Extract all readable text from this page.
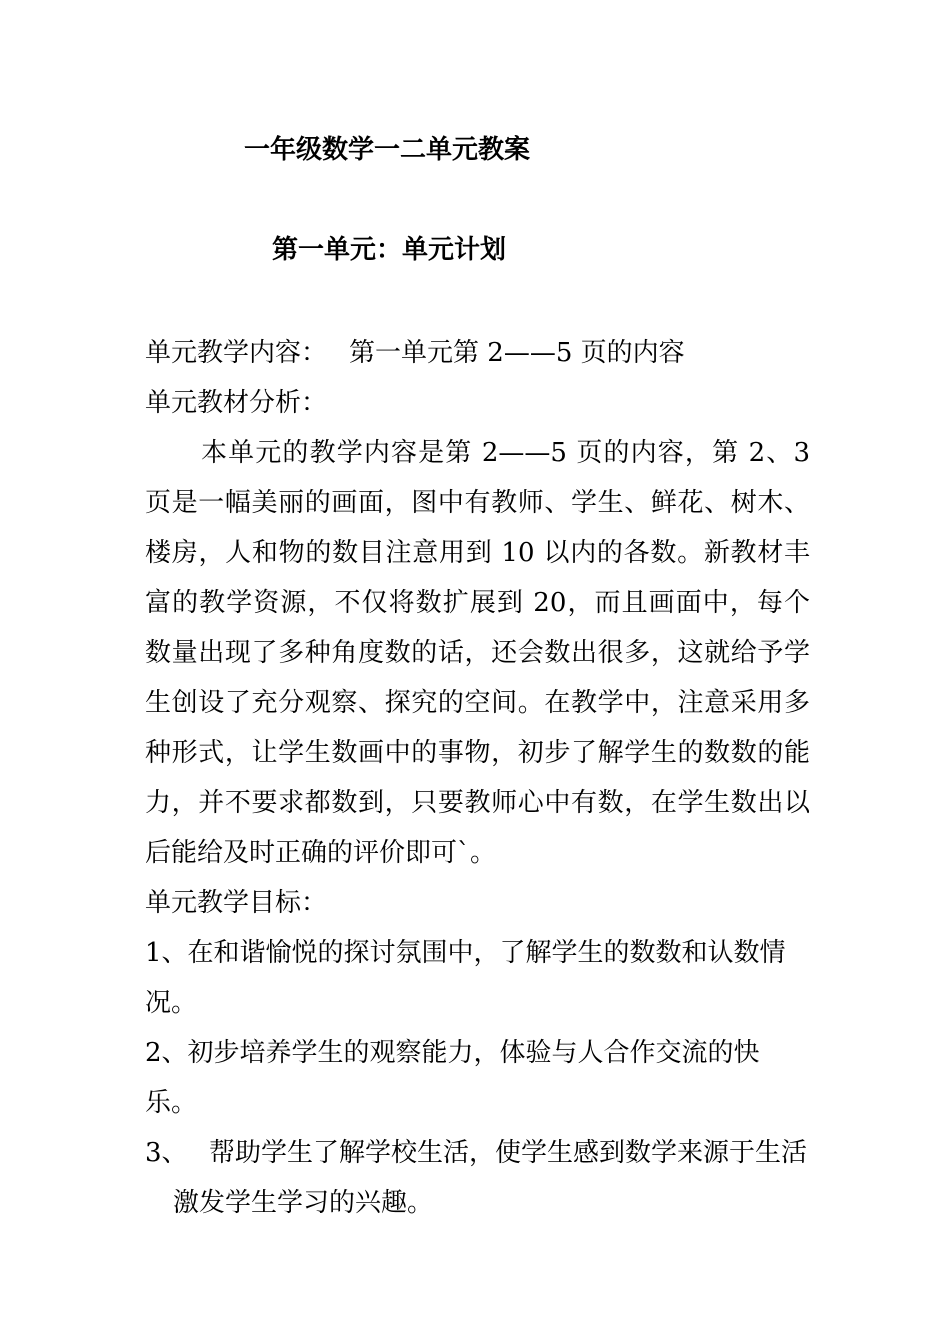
一年级数学一二单元教案
第一单元：单元计划

单元教学内容： 第一单元第 2——5 页的内容

单元教材分析：

本单元的教学内容是第 2——5 页的内容，第 2、3 页是一幅美丽的画面，图中有教师、学生、鲜花、树木、楼房，人和物的数目注意用到 10 以内的各数。新教材丰富的教学资源，不仅将数扩展到 20，而且画面中，每个数量出现了多种角度数的话，还会数出很多，这就给予学生创设了充分观察、探究的空间。在教学中，注意采用多种形式，让学生数画中的事物，初步了解学生的数数的能力，并不要求都数到，只要教师心中有数，在学生数出以后能给及时正确的评价即可`。

单元教学目标：

1、在和谐愉悦的探讨氛围中，了解学生的数数和认数情况。

2、初步培养学生的观察能力，体验与人合作交流的快乐。

3、 帮助学生了解学校生活，使学生感到数学来源于生活激发学生学习的兴趣。
